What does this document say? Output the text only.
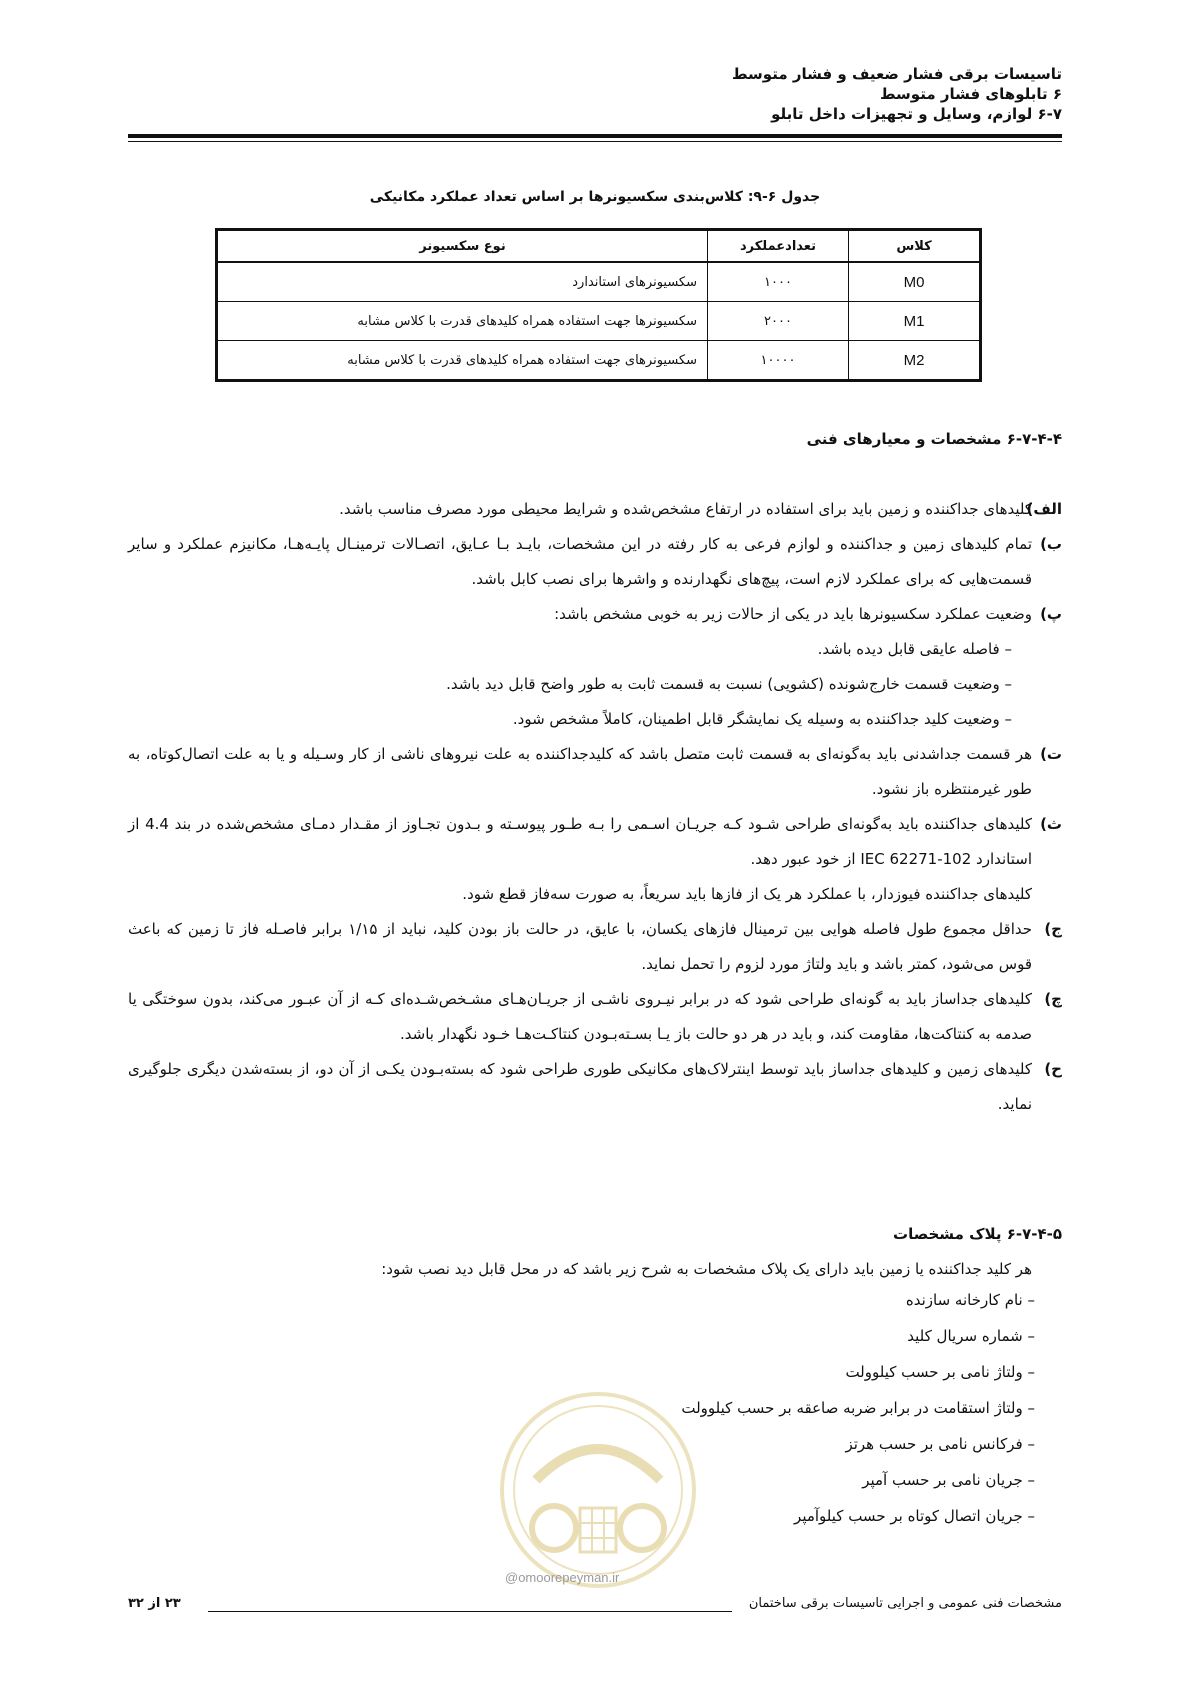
تاسیسات برقی فشار ضعیف و فشار متوسط
۶ تابلوهای فشار متوسط
۶-۷ لوازم، وسایل و تجهیزات داخل تابلو
جدول ۶-۹: کلاس‌بندی سکسیونرها بر اساس تعداد عملکرد مکانیکی
کلاس	تعدادعملکرد	نوع سکسیونر
M0	۱۰۰۰	سکسیونرهای استاندارد
M1	۲۰۰۰	سکسیونرها جهت استفاده همراه کلیدهای قدرت با کلاس مشابه
M2	۱۰۰۰۰	سکسیونرهای جهت استفاده همراه کلیدهای قدرت با کلاس مشابه
۶-۷-۴-۴ مشخصات و معیارهای فنی
الف)
کلیدهای جداکننده و زمین باید برای استفاده در ارتفاع مشخص‌شده و شرایط محیطی مورد مصرف مناسب باشد.
ب)
تمام کلیدهای زمین و جداکننده و لوازم فرعی به کار رفته در این مشخصات، بایـد بـا عـایق، اتصـالات ترمینـال پایـه‌هـا، مکانیزم عملکرد و سایر قسمت‌هایی که برای عملکرد لازم است، پیچ‌های نگهدارنده و واشرها برای نصب کابل باشد.
پ)
وضعیت عملکرد سکسیونرها باید در یکی از حالات زیر به خوبی مشخص باشد:
– فاصله عایقی قابل دیده باشد.
– وضعیت قسمت خارج‌شونده (کشویی) نسبت به قسمت ثابت به طور واضح قابل دید باشد.
– وضعیت کلید جداکننده به وسیله یک نمایشگر قابل اطمینان، کاملاً مشخص شود.
ت)
هر قسمت جداشدنی باید به‌گونه‌ای به قسمت ثابت متصل باشد که کلیدجداکننده به علت نیروهای ناشی از کار وسـیله و یا به علت اتصال‌کوتاه، به طور غیرمنتظره باز نشود.
ث)
کلیدهای جداکننده باید به‌گونه‌ای طراحی شـود کـه جریـان اسـمی را بـه طـور پیوسـته و بـدون تجـاوز از مقـدار دمـای مشخص‌شده در بند 4.4 از استاندارد IEC 62271-102 از خود عبور دهد.
کلیدهای جداکننده فیوزدار، با عملکرد هر یک از فازها باید سریعاً، به صورت سه‌فاز قطع شود.
ج)
حداقل مجموع طول فاصله هوایی بین ترمینال فازهای یکسان، با عایق، در حالت باز بودن کلید، نباید از ۱/۱۵ برابر فاصـله فاز تا زمین که باعث قوس می‌شود، کمتر باشد و باید ولتاژ مورد لزوم را تحمل نماید.
چ)
کلیدهای جداساز باید به گونه‌ای طراحی شود که در برابر نیـروی ناشـی از جریـان‌هـای مشـخص‌شـده‌ای کـه از آن عبـور می‌کند، بدون سوختگی یا صدمه به کنتاکت‌ها، مقاومت کند، و باید در هر دو حالت باز یـا بسـته‌بـودن کنتاکـت‌هـا خـود نگهدار باشد.
ح)
کلیدهای زمین و کلیدهای جداساز باید توسط اینترلاک‌های مکانیکی طوری طراحی شود که بسته‌بـودن یکـی از آن دو، از بسته‌شدن دیگری جلوگیری نماید.
۶-۷-۴-۵ پلاک مشخصات
هر کلید جداکننده یا زمین باید دارای یک پلاک مشخصات به شرح زیر باشد که در محل قابل دید نصب شود:
– نام کارخانه سازنده
– شماره سریال کلید
– ولتاژ نامی بر حسب کیلوولت
– ولتاژ استقامت در برابر ضربه صاعقه بر حسب کیلوولت
– فرکانس نامی بر حسب هرتز
– جریان نامی بر حسب آمپر
– جریان اتصال کوتاه بر حسب کیلوآمپر
@omoorepeyman.ir
مشخصات فنی عمومی و اجرایی تاسیسات برقی ساختمان
۲۳ از ۳۲
